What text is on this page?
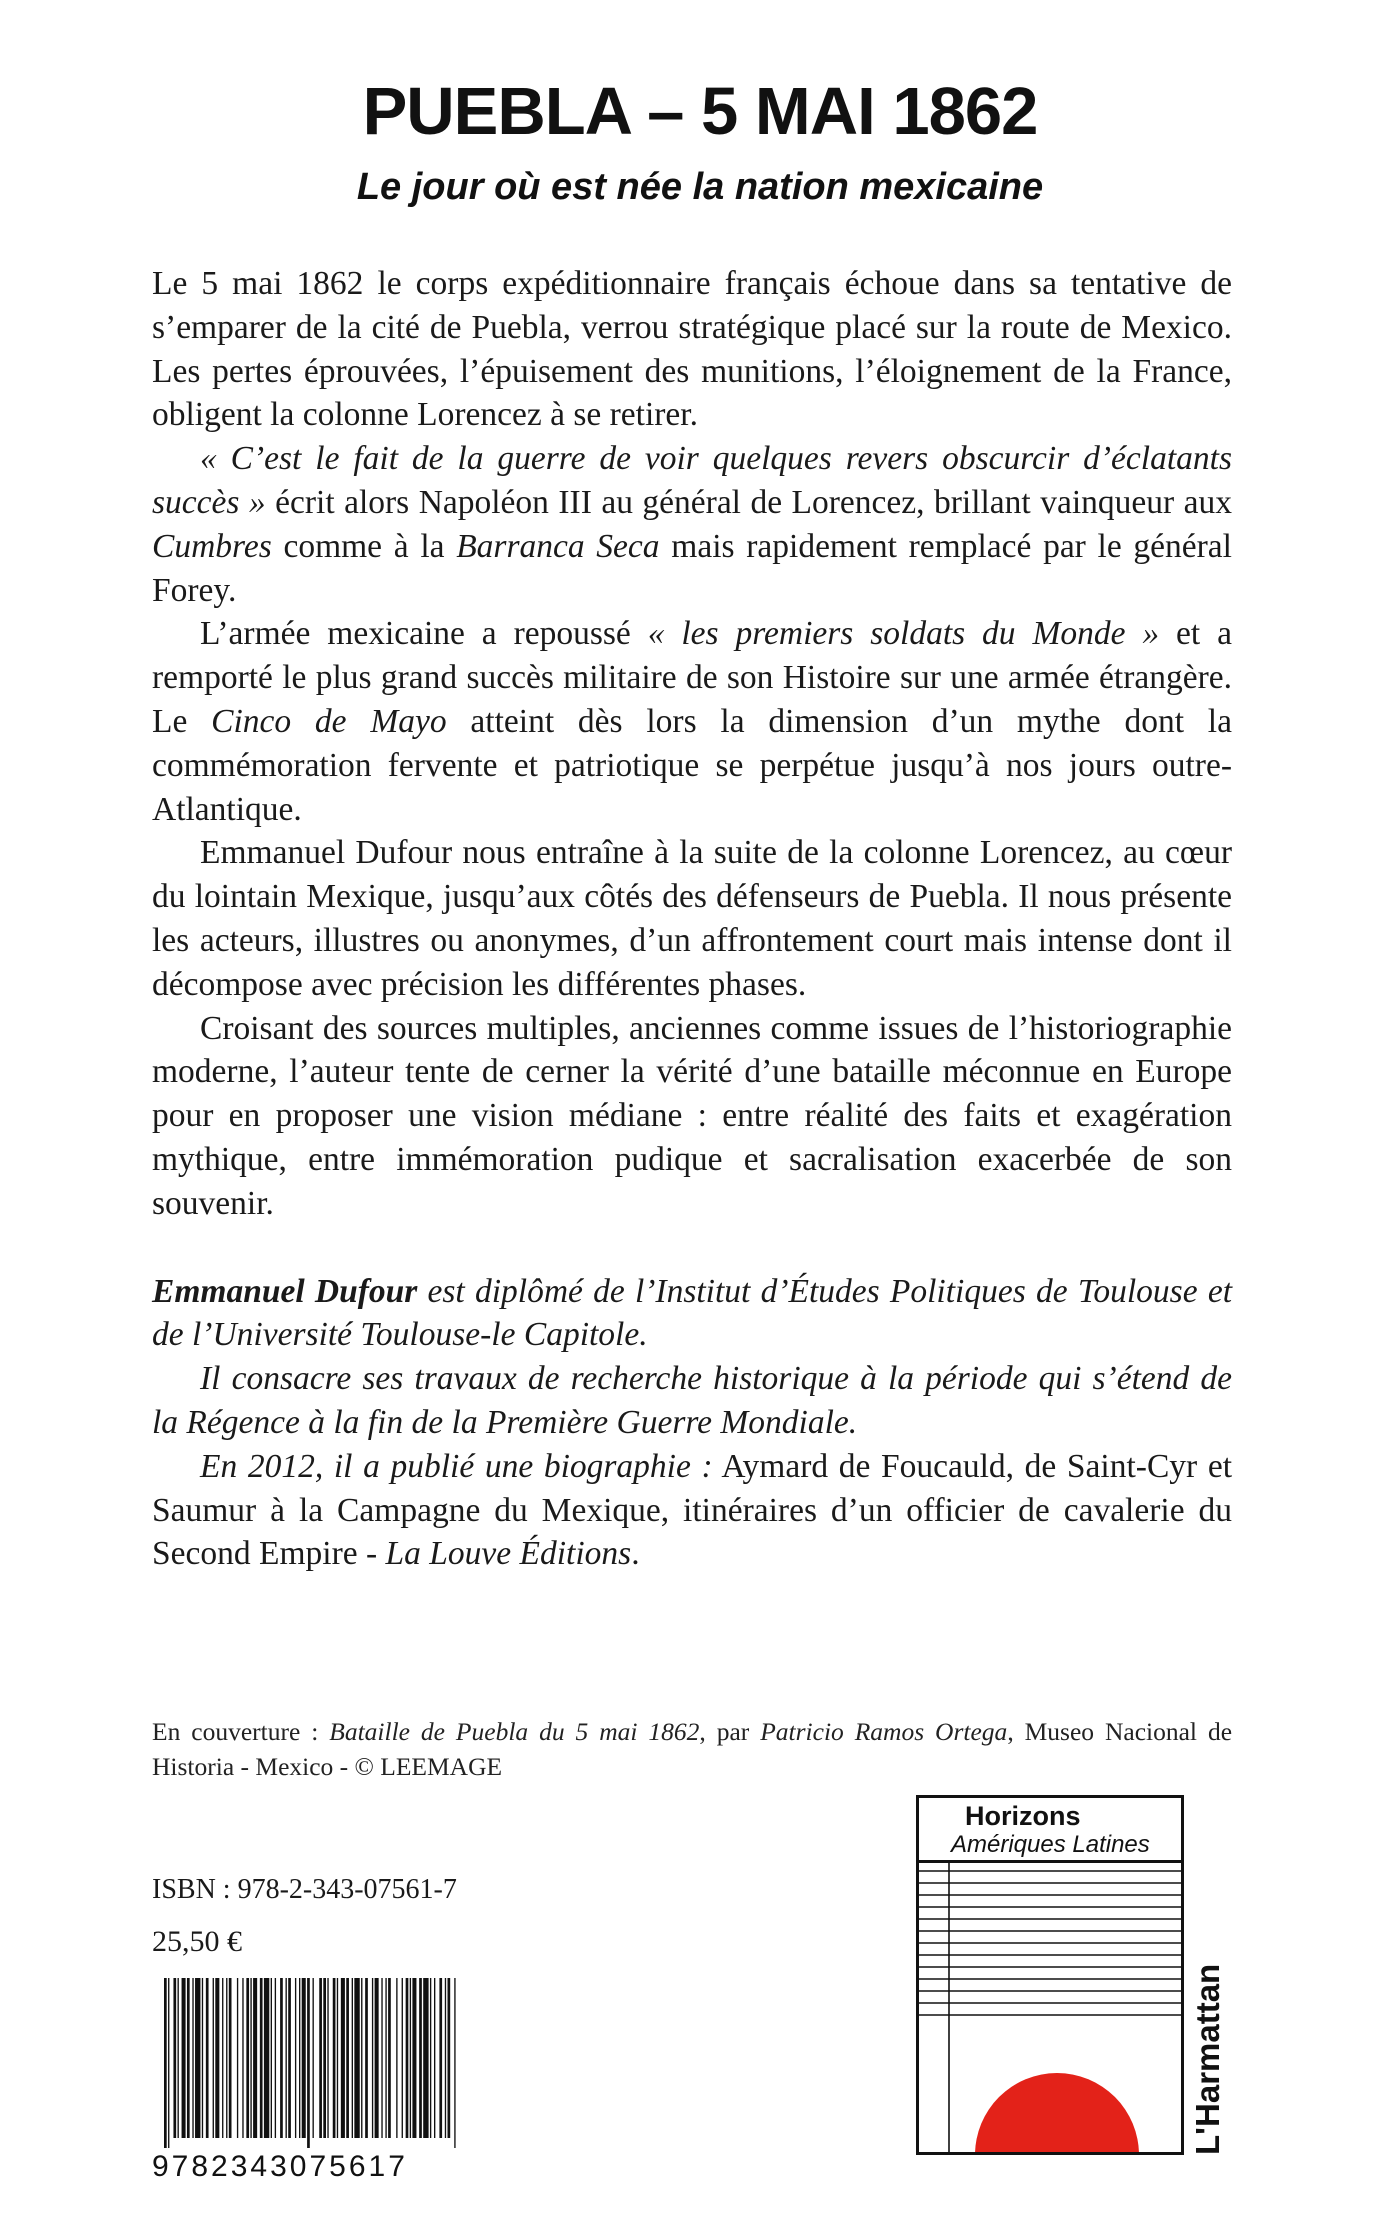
PUEBLA – 5 MAI 1862
Le jour où est née la nation mexicaine

Le 5 mai 1862 le corps expéditionnaire français échoue dans sa tentative de s’emparer de la cité de Puebla, verrou stratégique placé sur la route de Mexico. Les pertes éprouvées, l’épuisement des munitions, l’éloignement de la France, obligent la colonne Lorencez à se retirer.

« C’est le fait de la guerre de voir quelques revers obscurcir d’éclatants succès » écrit alors Napoléon III au général de Lorencez, brillant vainqueur aux Cumbres comme à la Barranca Seca mais rapidement remplacé par le général Forey.

L’armée mexicaine a repoussé « les premiers soldats du Monde » et a remporté le plus grand succès militaire de son Histoire sur une armée étrangère. Le Cinco de Mayo atteint dès lors la dimension d’un mythe dont la commémoration fervente et patriotique se perpétue jusqu’à nos jours outre-Atlantique.

Emmanuel Dufour nous entraîne à la suite de la colonne Lorencez, au cœur du lointain Mexique, jusqu’aux côtés des défenseurs de Puebla. Il nous présente les acteurs, illustres ou anonymes, d’un affrontement court mais intense dont il décompose avec précision les différentes phases.

Croisant des sources multiples, anciennes comme issues de l’historiographie moderne, l’auteur tente de cerner la vérité d’une bataille méconnue en Europe pour en proposer une vision médiane : entre réalité des faits et exagération mythique, entre immémoration pudique et sacralisation exacerbée de son souvenir.

Emmanuel Dufour est diplômé de l’Institut d’Études Politiques de Toulouse et de l’Université Toulouse-le Capitole.

Il consacre ses travaux de recherche historique à la période qui s’étend de la Régence à la fin de la Première Guerre Mondiale.

En 2012, il a publié une biographie : Aymard de Foucauld, de Saint-Cyr et Saumur à la Campagne du Mexique, itinéraires d’un officier de cavalerie du Second Empire - La Louve Éditions.

En couverture : Bataille de Puebla du 5 mai 1862, par Patricio Ramos Ortega, Museo Nacional de Historia - Mexico - © LEEMAGE
ISBN : 978-2-343-07561-7
25,50 €
9782343075617
Horizons
Amériques Latines
L'Harmattan
